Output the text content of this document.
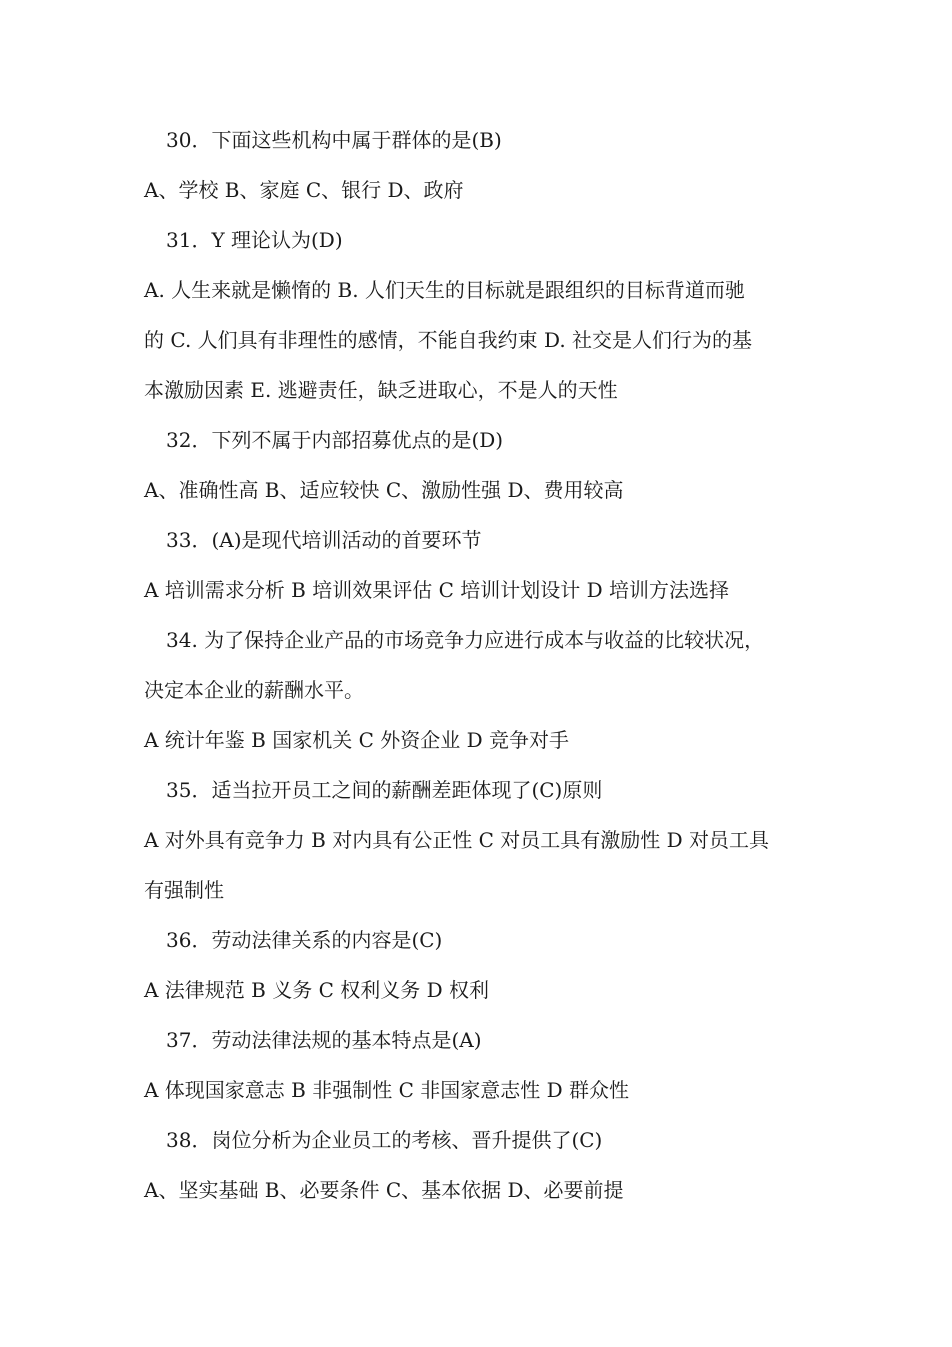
30．下面这些机构中属于群体的是(B)
A、学校 B、家庭 C、银行 D、政府
31．Y 理论认为(D)
A. 人生来就是懒惰的 B. 人们天生的目标就是跟组织的目标背道而驰
的 C. 人们具有非理性的感情，不能自我约束 D. 社交是人们行为的基
本激励因素 E. 逃避责任，缺乏进取心，不是人的天性
32．下列不属于内部招募优点的是(D)
A、准确性高 B、适应较快 C、激励性强 D、费用较高
33．(A)是现代培训活动的首要环节
A 培训需求分析 B 培训效果评估 C 培训计划设计 D 培训方法选择
34. 为了保持企业产品的市场竞争力应进行成本与收益的比较状况，
决定本企业的薪酬水平。
A 统计年鉴 B 国家机关 C 外资企业 D 竞争对手
35．适当拉开员工之间的薪酬差距体现了(C)原则
A 对外具有竞争力 B 对内具有公正性 C 对员工具有激励性 D 对员工具
有强制性
36．劳动法律关系的内容是(C)
A 法律规范 B 义务 C 权利义务 D 权利
37．劳动法律法规的基本特点是(A)
A 体现国家意志 B 非强制性 C 非国家意志性 D 群众性
38．岗位分析为企业员工的考核、晋升提供了(C)
A、坚实基础 B、必要条件 C、基本依据 D、必要前提
